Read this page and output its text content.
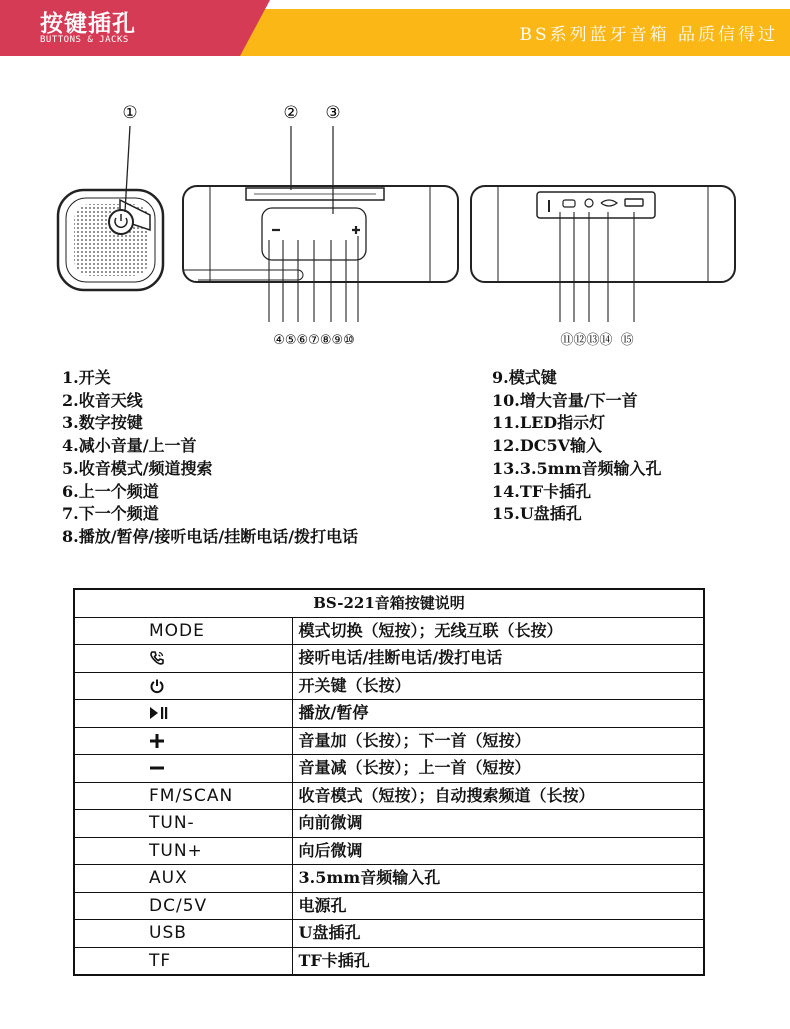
按键插孔
BUTTONS & JACKS	BS系列蓝牙音箱 品质信得过
①	② ③
④⑤⑥⑦⑧⑨⑩	⑪⑫⑬⑭  ⑮
1.开关
2.收音天线
3.数字按键
4.减小音量/上一首
5.收音模式/频道搜索
6.上一个频道
7.下一个频道
8.播放/暂停/接听电话/挂断电话/拨打电话
9.模式键
10.增大音量/下一首
11.LED指示灯
12.DC5V输入
13.3.5mm音频输入孔
14.TF卡插孔
15.U盘插孔
BS-221音箱按键说明	
MODE	模式切换（短按）；无线互联（长按）
	接听电话/挂断电话/拨打电话
	开关键（长按）
	播放/暂停
	音量加（长按）；下一首（短按）
	音量减（长按）；上一首（短按）
FM/SCAN	收音模式（短按）；自动搜索频道（长按）
TUN-	向前微调
TUN+	向后微调
AUX	3.5mm音频输入孔
DC/5V	电源孔
USB	U盘插孔
TF	TF卡插孔
